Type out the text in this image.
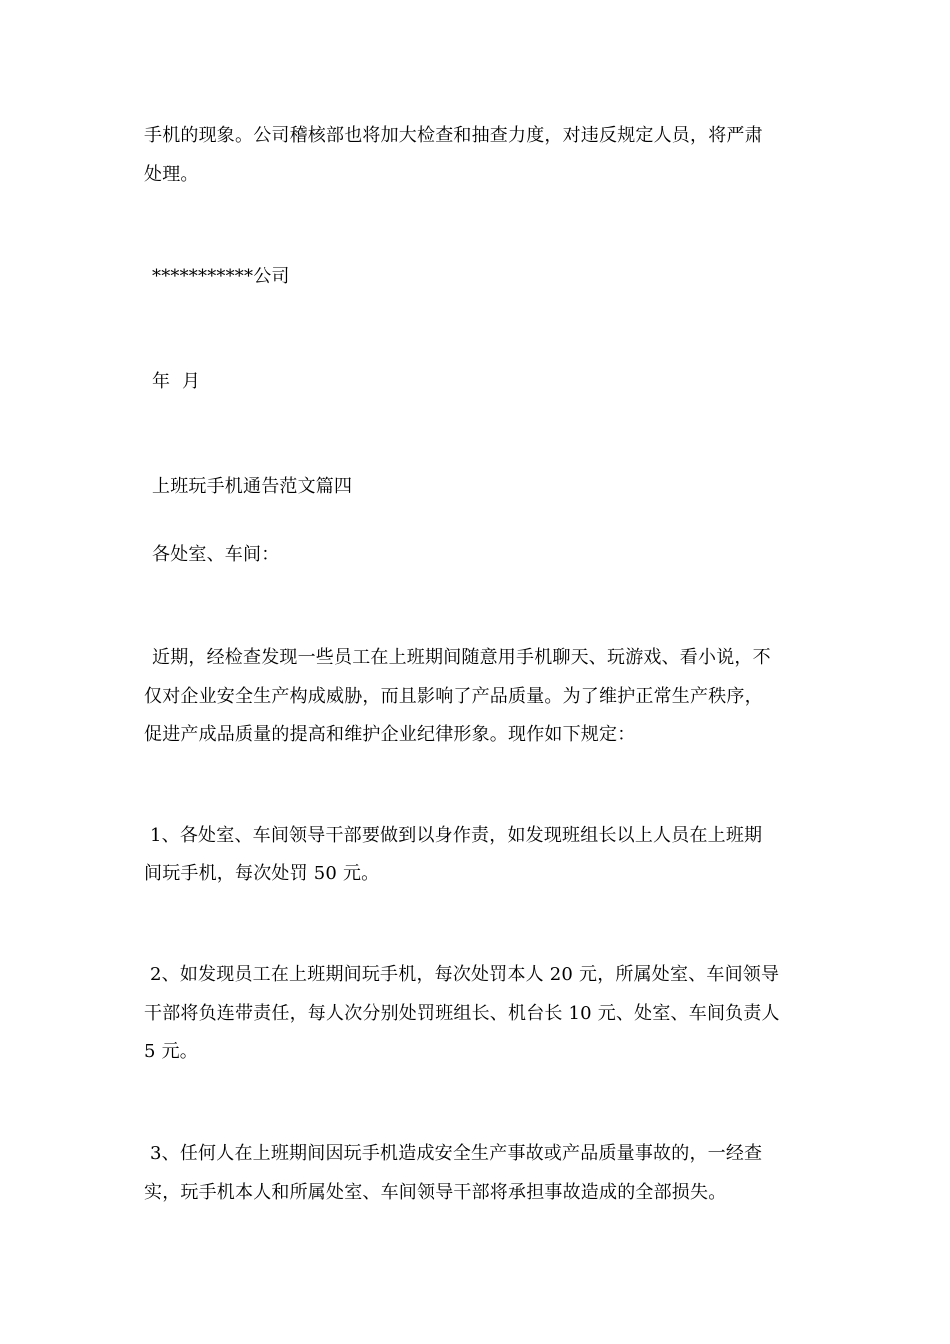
手机的现象。公司稽核部也将加大检查和抽查力度，对违反规定人员，将严肃
处理。
***********公司
年  月
上班玩手机通告范文篇四
各处室、车间：
近期，经检查发现一些员工在上班期间随意用手机聊天、玩游戏、看小说，不
仅对企业安全生产构成威胁，而且影响了产品质量。为了维护正常生产秩序，
促进产成品质量的提高和维护企业纪律形象。现作如下规定：
1、各处室、车间领导干部要做到以身作责，如发现班组长以上人员在上班期
间玩手机，每次处罚 50 元。
2、如发现员工在上班期间玩手机，每次处罚本人 20 元，所属处室、车间领导
干部将负连带责任，每人次分别处罚班组长、机台长 10 元、处室、车间负责人
5 元。
3、任何人在上班期间因玩手机造成安全生产事故或产品质量事故的，一经查
实，玩手机本人和所属处室、车间领导干部将承担事故造成的全部损失。
